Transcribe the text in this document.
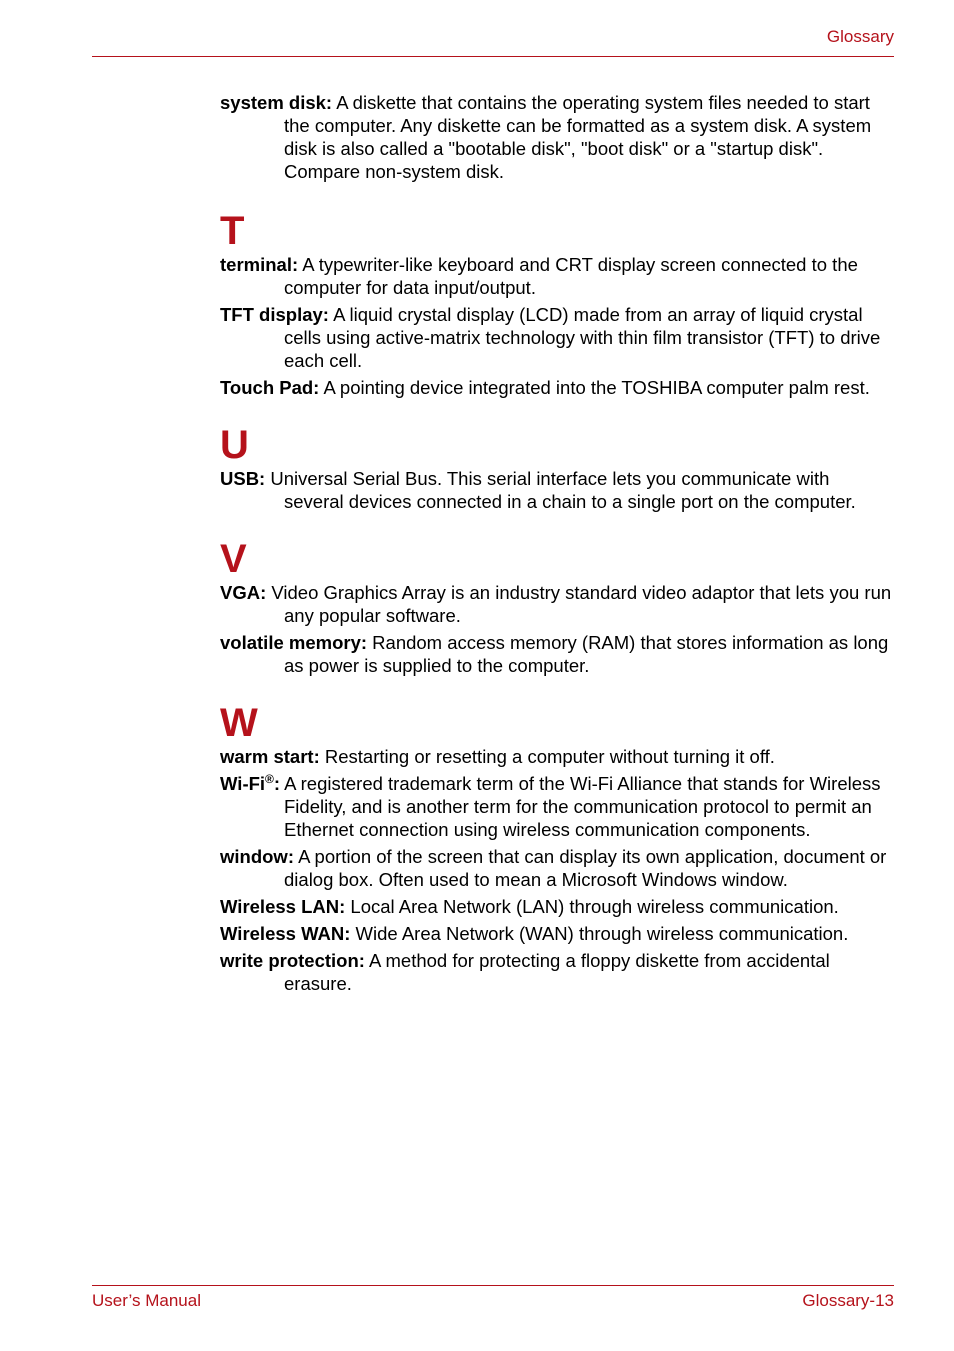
Glossary

system disk: A diskette that contains the operating system files needed to start the computer. Any diskette can be formatted as a system disk. A system disk is also called a "bootable disk", "boot disk" or a "startup disk". Compare non-system disk.

T

terminal: A typewriter-like keyboard and CRT display screen connected to the computer for data input/output.

TFT display: A liquid crystal display (LCD) made from an array of liquid crystal cells using active-matrix technology with thin film transistor (TFT) to drive each cell.

Touch Pad: A pointing device integrated into the TOSHIBA computer palm rest.

U

USB: Universal Serial Bus. This serial interface lets you communicate with several devices connected in a chain to a single port on the computer.

V

VGA: Video Graphics Array is an industry standard video adaptor that lets you run any popular software.

volatile memory: Random access memory (RAM) that stores information as long as power is supplied to the computer.

W

warm start: Restarting or resetting a computer without turning it off.

Wi-Fi®: A registered trademark term of the Wi-Fi Alliance that stands for Wireless Fidelity, and is another term for the communication protocol to permit an Ethernet connection using wireless communication components.

window: A portion of the screen that can display its own application, document or dialog box. Often used to mean a Microsoft Windows window.

Wireless LAN: Local Area Network (LAN) through wireless communication.

Wireless WAN: Wide Area Network (WAN) through wireless communication.

write protection: A method for protecting a floppy diskette from accidental erasure.

User’s Manual	Glossary-13
